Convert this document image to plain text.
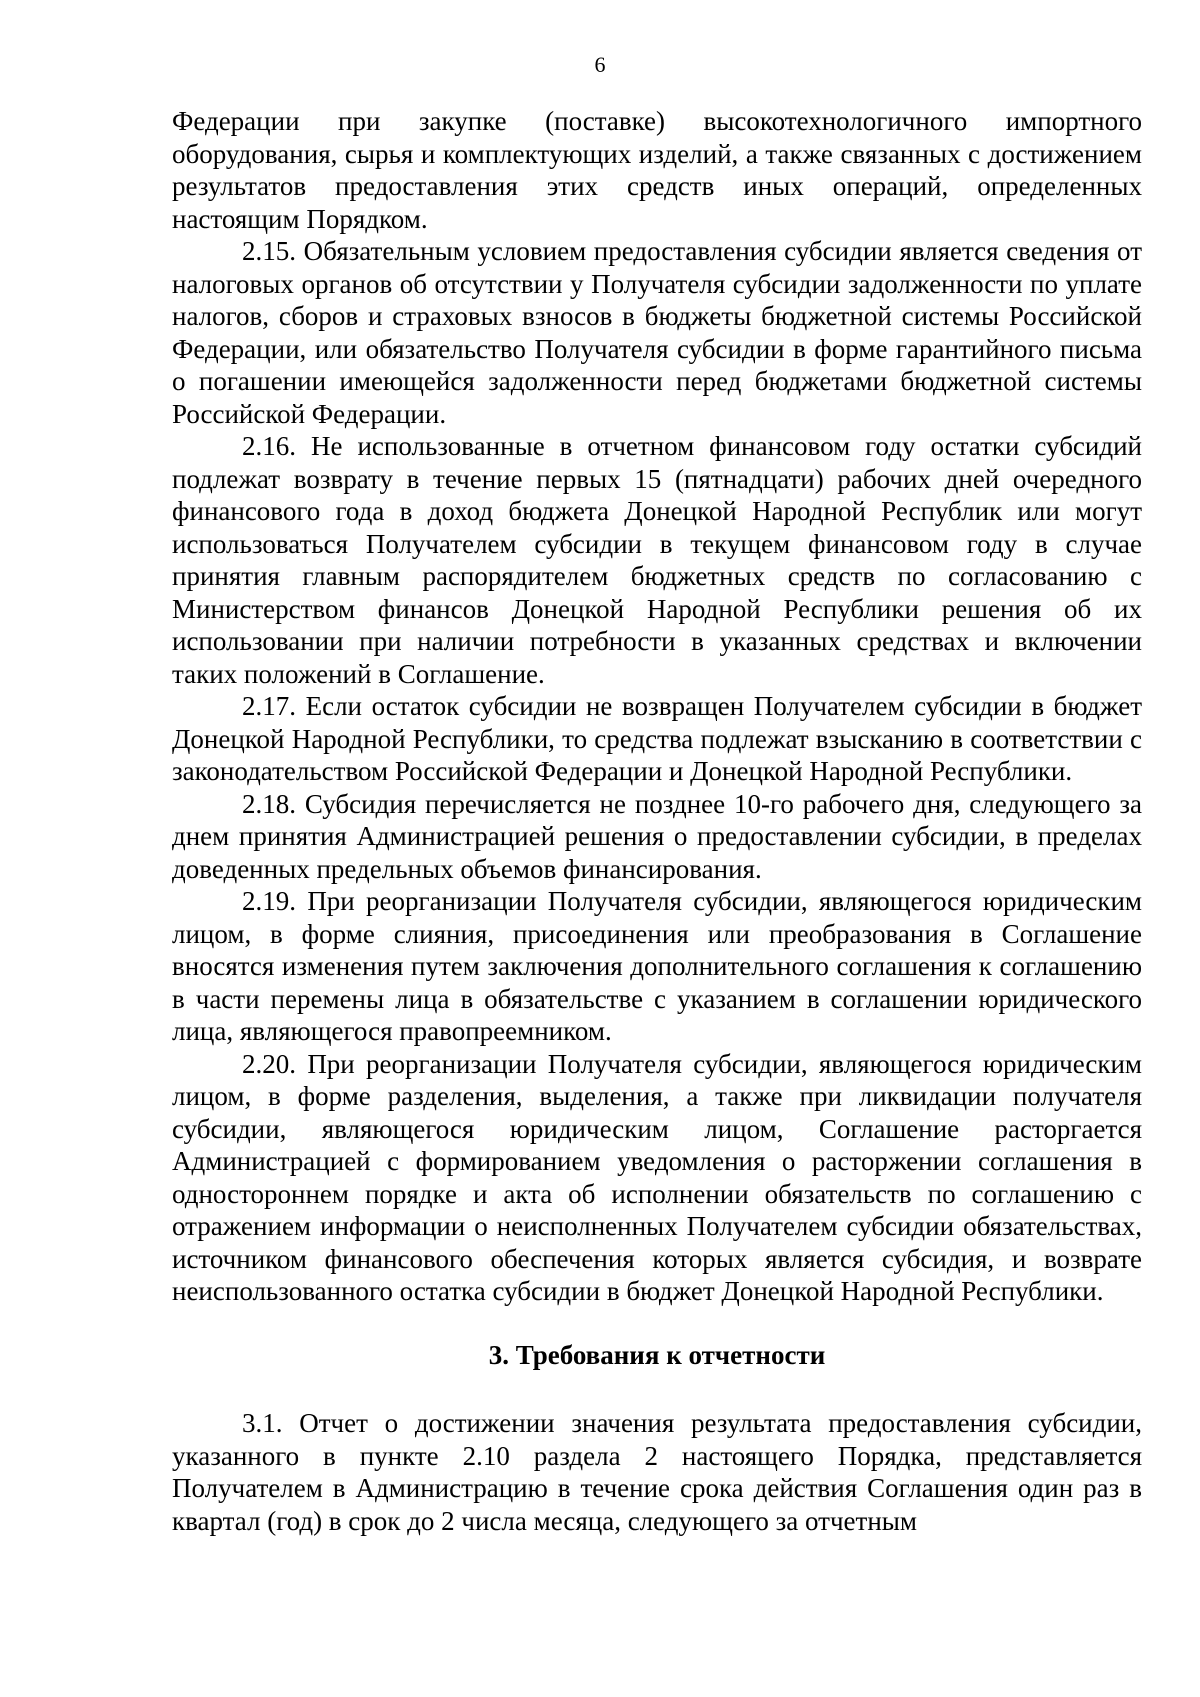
6

Федерации при закупке (поставке) высокотехнологичного импортного оборудования, сырья и комплектующих изделий, а также связанных с достижением результатов предоставления этих средств иных операций, определенных настоящим Порядком.

2.15. Обязательным условием предоставления субсидии является сведения от налоговых органов об отсутствии у Получателя субсидии задолженности по уплате налогов, сборов и страховых взносов в бюджеты бюджетной системы Российской Федерации, или обязательство Получателя субсидии в форме гарантийного письма о погашении имеющейся задолженности перед бюджетами бюджетной системы Российской Федерации.

2.16. Не использованные в отчетном финансовом году остатки субсидий подлежат возврату в течение первых 15 (пятнадцати) рабочих дней очередного финансового года в доход бюджета Донецкой Народной Республик или могут использоваться Получателем субсидии в текущем финансовом году в случае принятия главным распорядителем бюджетных средств по согласованию с Министерством финансов Донецкой Народной Республики решения об их использовании при наличии потребности в указанных средствах и включении таких положений в Соглашение.

2.17. Если остаток субсидии не возвращен Получателем субсидии в бюджет Донецкой Народной Республики, то средства подлежат взысканию в соответствии с законодательством Российской Федерации и Донецкой Народной Республики.

2.18. Субсидия перечисляется не позднее 10-го рабочего дня, следующего за днем принятия Администрацией решения о предоставлении субсидии, в пределах доведенных предельных объемов финансирования.

2.19. При реорганизации Получателя субсидии, являющегося юридическим лицом, в форме слияния, присоединения или преобразования в Соглашение вносятся изменения путем заключения дополнительного соглашения к соглашению в части перемены лица в обязательстве с указанием в соглашении юридического лица, являющегося правопреемником.

2.20. При реорганизации Получателя субсидии, являющегося юридическим лицом, в форме разделения, выделения, а также при ликвидации получателя субсидии, являющегося юридическим лицом, Соглашение расторгается Администрацией с формированием уведомления о расторжении соглашения в одностороннем порядке и акта об исполнении обязательств по соглашению с отражением информации о неисполненных Получателем субсидии обязательствах, источником финансового обеспечения которых является субсидия, и возврате неиспользованного остатка субсидии в бюджет Донецкой Народной Республики.

3. Требования к отчетности

3.1. Отчет о достижении значения результата предоставления субсидии, указанного в пункте 2.10 раздела 2 настоящего Порядка, представляется Получателем в Администрацию в течение срока действия Соглашения один раз в квартал (год) в срок до 2 числа месяца, следующего за отчетным
